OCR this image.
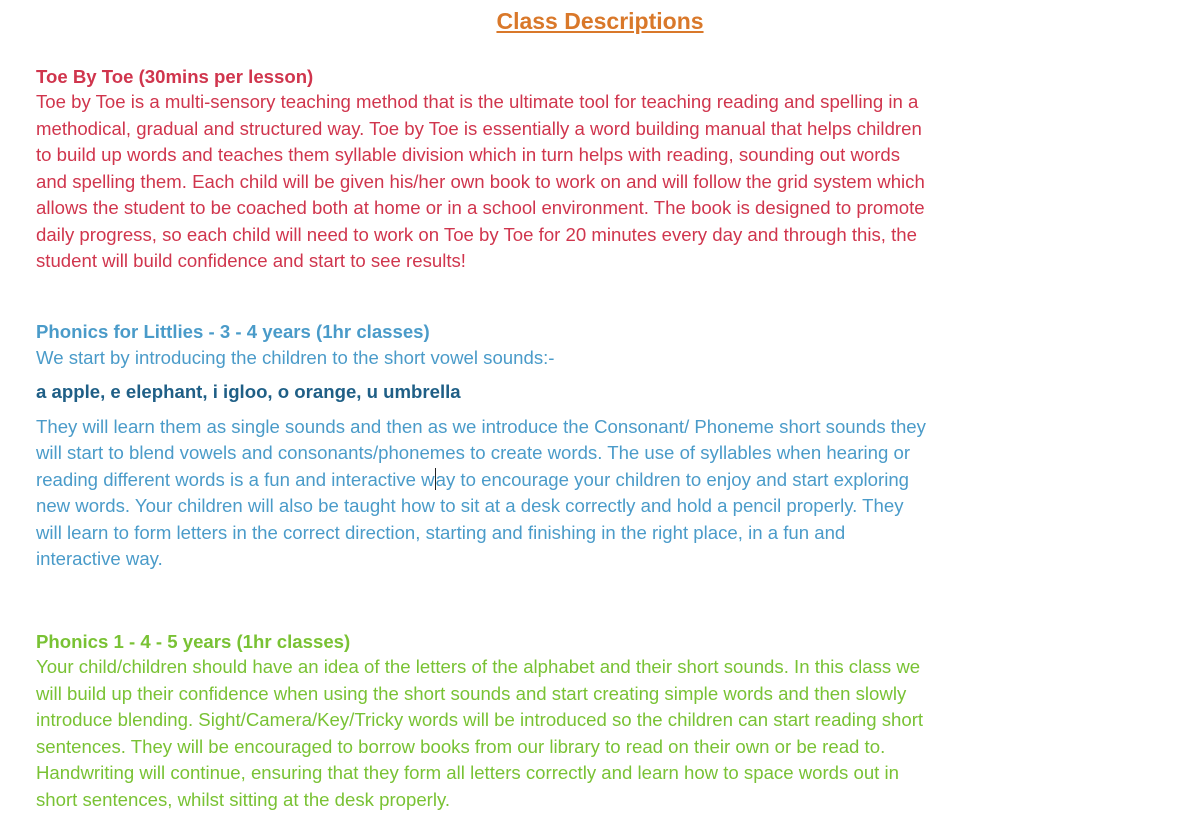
Class Descriptions
Toe By Toe (30mins per lesson)
Toe by Toe is a multi-sensory teaching method that is the ultimate tool for teaching reading and spelling in a
methodical, gradual and structured way. Toe by Toe is essentially a word building manual that helps children
to build up words and teaches them syllable division which in turn helps with reading, sounding out words
and spelling them. Each child will be given his/her own book to work on and will follow the grid system which
allows the student to be coached both at home or in a school environment. The book is designed to promote
daily progress, so each child will need to work on Toe by Toe for 20 minutes every day and through this, the
student will build confidence and start to see results!
Phonics for Littlies - 3 - 4 years (1hr classes)
We start by introducing the children to the short vowel sounds:-
a apple, e elephant, i igloo, o orange, u umbrella
They will learn them as single sounds and then as we introduce the Consonant/ Phoneme short sounds they
will start to blend vowels and consonants/phonemes to create words. The use of syllables when hearing or
reading different words is a fun and interactive way to encourage your children to enjoy and start exploring
new words. Your children will also be taught how to sit at a desk correctly and hold a pencil properly. They
will learn to form letters in the correct direction, starting and finishing in the right place, in a fun and
interactive way.
Phonics 1 - 4 - 5 years (1hr classes)
Your child/children should have an idea of the letters of the alphabet and their short sounds. In this class we
will build up their confidence when using the short sounds and start creating simple words and then slowly
introduce blending. Sight/Camera/Key/Tricky words will be introduced so the children can start reading short
sentences. They will be encouraged to borrow books from our library to read on their own or be read to.
Handwriting will continue, ensuring that they form all letters correctly and learn how to space words out in
short sentences, whilst sitting at the desk properly.
